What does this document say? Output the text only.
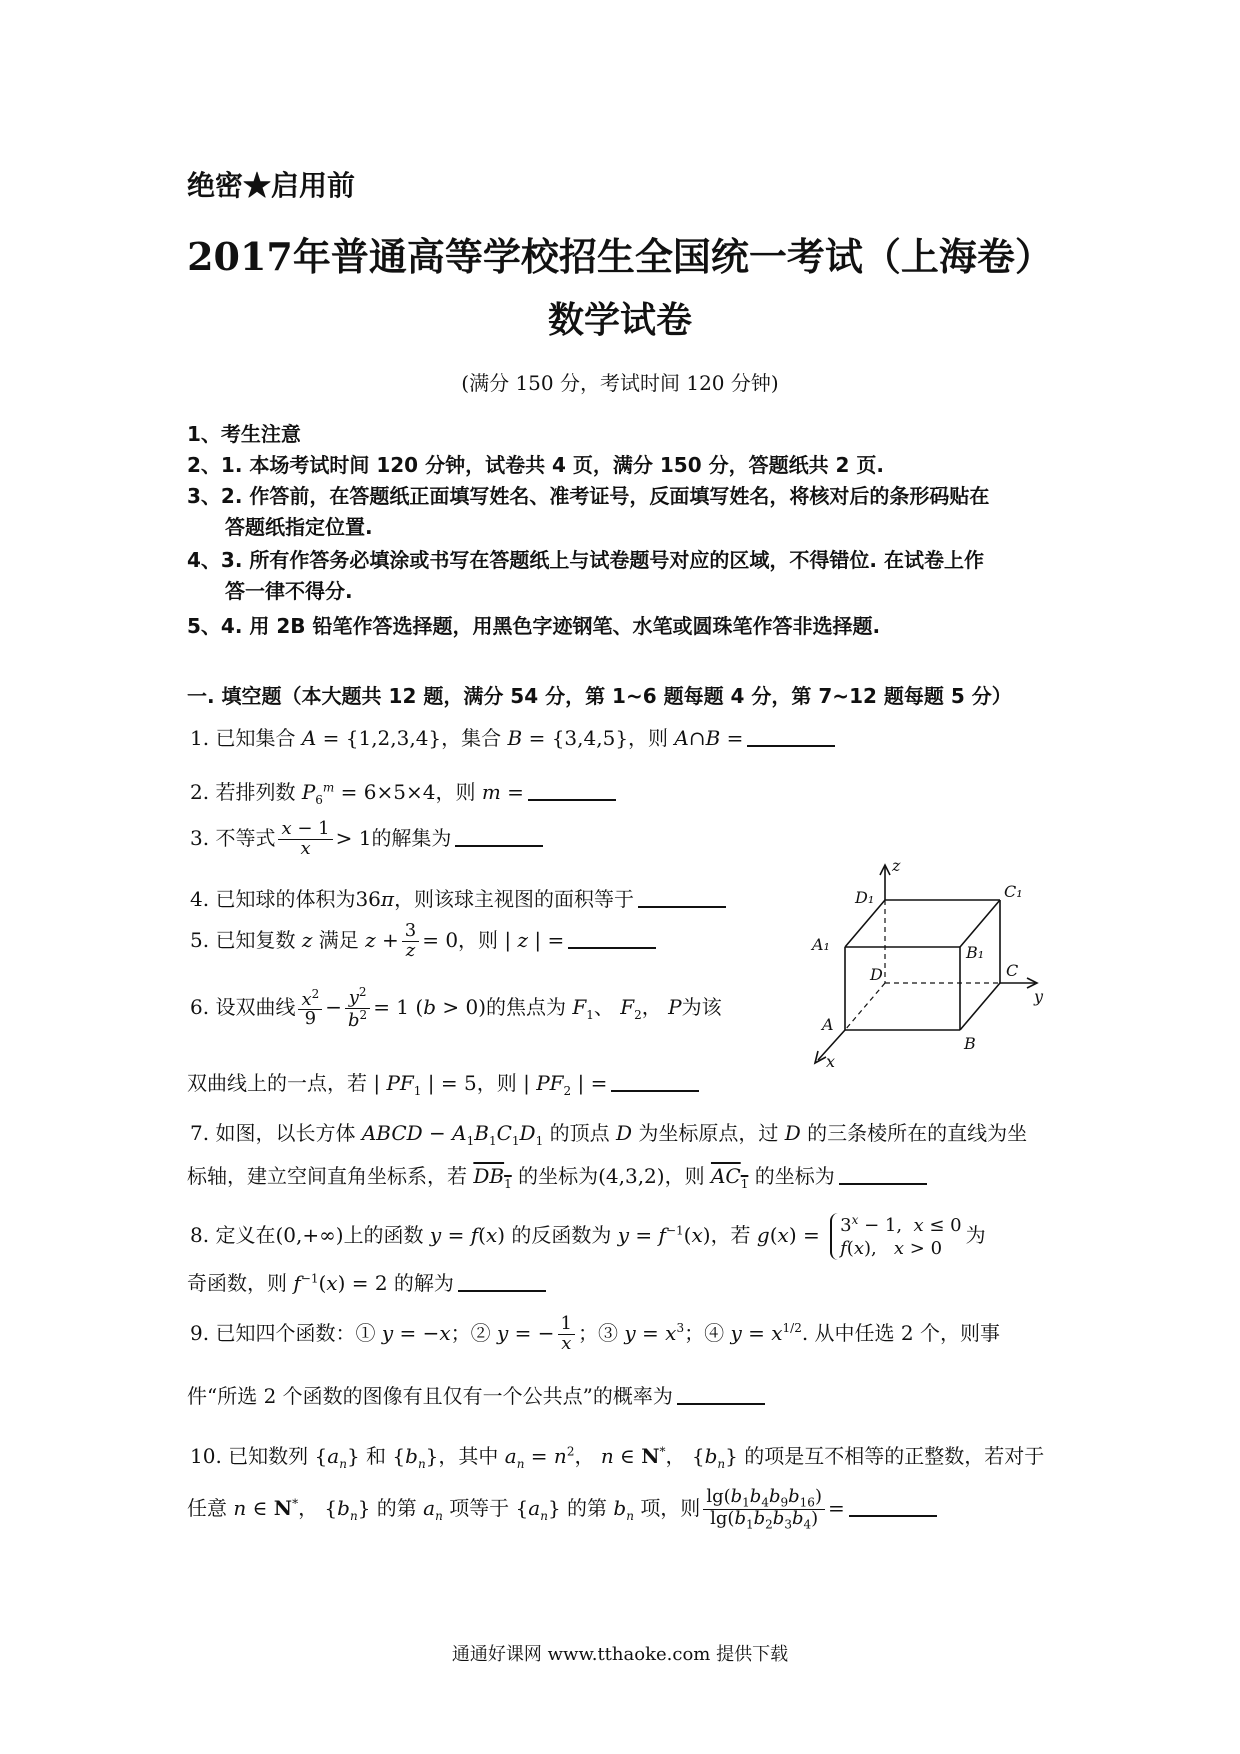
绝密★启用前
2017年普通高等学校招生全国统一考试（上海卷）
数学试卷
(满分 150 分，考试时间 120 分钟)
1、考生注意
2、1. 本场考试时间 120 分钟，试卷共 4 页，满分 150 分，答题纸共 2 页.
3、2. 作答前，在答题纸正面填写姓名、准考证号，反面填写姓名，将核对后的条形码贴在
答题纸指定位置.
4、3. 所有作答务必填涂或书写在答题纸上与试卷题号对应的区域，不得错位. 在试卷上作
答一律不得分.
5、4. 用 2B 铅笔作答选择题，用黑色字迹钢笔、水笔或圆珠笔作答非选择题.
一. 填空题（本大题共 12 题，满分 54 分，第 1~6 题每题 4 分，第 7~12 题每题 5 分）
1. 已知集合 A = {1,2,3,4}，集合 B = {3,4,5}，则 A∩B =
2. 若排列数 $P_6^m = 6\times 5\times 4$，则 m =
3. 不等式 $\frac{x - 1}{x} > 1$的解集为
4. 已知球的体积为36π，则该球主视图的面积等于
5. 已知复数 z 满足 $z + \frac{3}{z} = 0$，则 | z | =
6. 设双曲线 $\frac{x^2}{9} - \frac{y^2}{b^2} = 1$ (b > 0)的焦点为 $F_1$、 $F_2$， P为该
双曲线上的一点，若 | $PF_1$ | = 5，则 | $PF_2$ | =
z
D₁	C₁
A₁	B₁
D	C
y
A
B
x
7. 如图，以长方体 ABCD − $A_1B_1C_1D_1$ 的顶点 D 为坐标原点，过 D 的三条棱所在的直线为坐
标轴，建立空间直角坐标系，若 $DB_1$ 的坐标为(4,3,2)，则 $AC_1$ 的坐标为
8. 定义在(0,+∞)上的函数 y = f(x) 的反函数为 $y = f^{-1}(x)$，若 $g(x) = 3^x - 1$,  x ≤ 0
f(x),   x > 0
为
奇函数，则 $f^{-1}(x) = 2$ 的解为
9. 已知四个函数：① y = −x；② y = − $\frac{1}{x}$ ；③ $y = x^3$；④ $y = x^{1/2}$. 从中任选 2 个，则事
件“所选 2 个函数的图像有且仅有一个公共点”的概率为
10. 已知数列 $\{a_n\}$ 和 $\{b_n\}$，其中 $a_n = n^2$， n ∈ N*， $\{b_n\}$ 的项是互不相等的正整数，若对于
任意 n ∈ N*， $\{b_n\}$ 的第 $a_n$ 项等于 $\{a_n\}$ 的第 $b_n$ 项，则 $\frac{\lg(b_1b_4b_9b_{16})}{\lg(b_1b_2b_3b_4)}$ =
通通好课网 www.tthaoke.com 提供下载
